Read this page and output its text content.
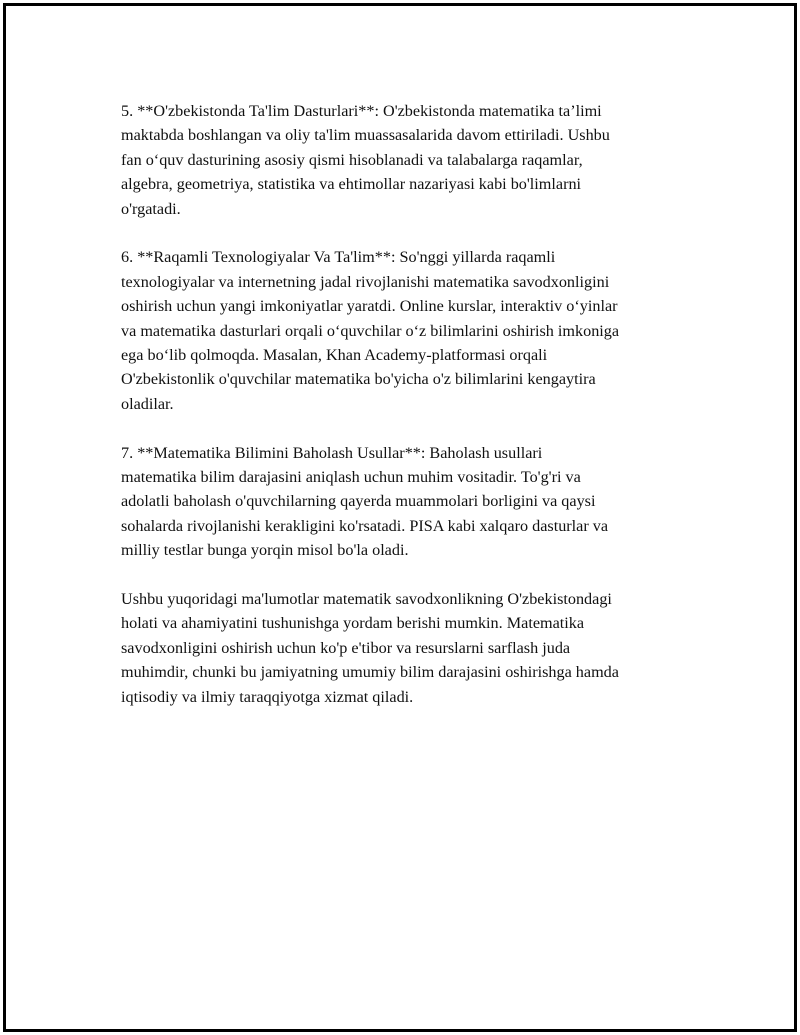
5. **O'zbekistonda Ta'lim Dasturlari**: O'zbekistonda matematika ta’limi
maktabda boshlangan va oliy ta'lim muassasalarida davom ettiriladi. Ushbu
fan o‘quv dasturining asosiy qismi hisoblanadi va talabalarga raqamlar,
algebra, geometriya, statistika va ehtimollar nazariyasi kabi bo'limlarni
o'rgatadi.

6. **Raqamli Texnologiyalar Va Ta'lim**: So'nggi yillarda raqamli
texnologiyalar va internetning jadal rivojlanishi matematika savodxonligini
oshirish uchun yangi imkoniyatlar yaratdi. Online kurslar, interaktiv o‘yinlar
va matematika dasturlari orqali o‘quvchilar o‘z bilimlarini oshirish imkoniga
ega bo‘lib qolmoqda. Masalan, Khan Academy-platformasi orqali
O'zbekistonlik o'quvchilar matematika bo'yicha o'z bilimlarini kengaytira
oladilar.

7. **Matematika Bilimini Baholash Usullar**: Baholash usullari
matematika bilim darajasini aniqlash uchun muhim vositadir. To'g'ri va
adolatli baholash o'quvchilarning qayerda muammolari borligini va qaysi
sohalarda rivojlanishi kerakligini ko'rsatadi. PISA kabi xalqaro dasturlar va
milliy testlar bunga yorqin misol bo'la oladi.

Ushbu yuqoridagi ma'lumotlar matematik savodxonlikning O'zbekistondagi
holati va ahamiyatini tushunishga yordam berishi mumkin. Matematika
savodxonligini oshirish uchun ko'p e'tibor va resurslarni sarflash juda
muhimdir, chunki bu jamiyatning umumiy bilim darajasini oshirishga hamda
iqtisodiy va ilmiy taraqqiyotga xizmat qiladi.
